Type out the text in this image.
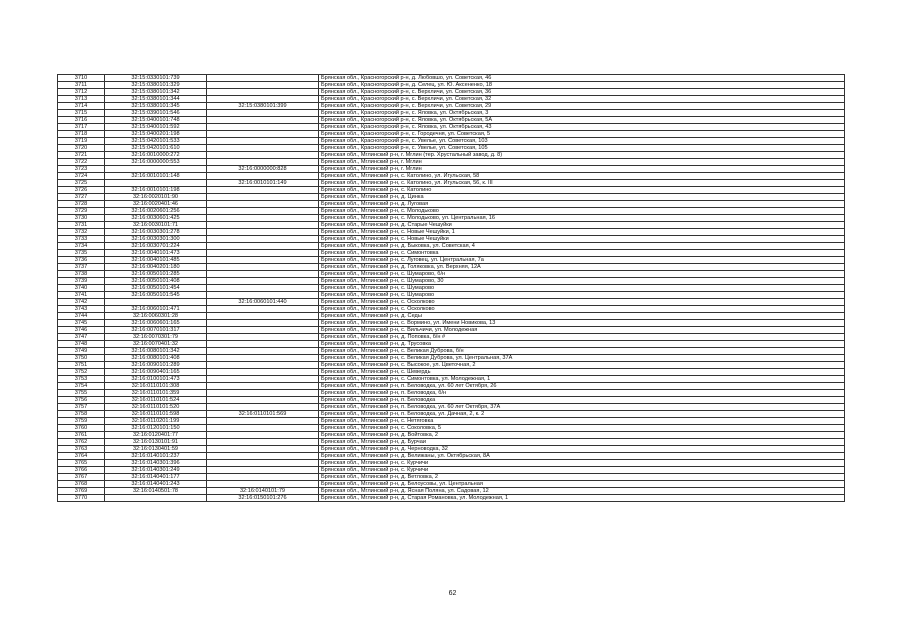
3710	32:15:0330101:739		Брянская обл., Красногорский р-н, д. Любовшо, ул. Советская, 46
3711	32:15:0380101:329		Брянская обл., Красногорский р-н, д. Селец, ул. Ю. Аксененко, 18
3712	32:15:0380101:342		Брянская обл., Красногорский р-н, с. Верхличи, ул. Советская, 36
3713	32:15:0380101:344		Брянская обл., Красногорский р-н, с. Верхличи, ул. Советская, 32
3714	32:15:0380101:345	32:15:0380101:399	Брянская обл., Красногорский р-н, с. Верхличи, ул. Советская, 29
3715	32:15:0390101:546		Брянская обл., Красногорский р-н, с. Яловка, ул. Октябрьская, 3
3716	32:15:0400101:748		Брянская обл., Красногорский р-н, с. Яловка, ул. Октябрьская, 5А
3717	32:15:0400101:592		Брянская обл., Красногорский р-н, с. Яловка, ул. Октябрьская, 43
3718	32:15:0400201:198		Брянская обл., Красногорский р-н, с. Городечня, ул. Советская, 5
3719	32:15:0420101:533		Брянская обл., Красногорский р-н, с. Увелье, ул. Советская, 103
3720	32:15:0420101:610		Брянская обл., Красногорский р-н, с. Увелье, ул. Советская, 105
3721	32:16:0010000:272		Брянская обл., Мглинский р-н, г. Мглин (тер. Хрустальный завод, д. 8)
3722	32:16:0000000:553		Брянская обл., Мглинский р-н, г. Мглин
3723		32:16:0000000:828	Брянская обл., Мглинский р-н, г. Мглин
3724	32:16:0010101:148		Брянская обл., Мглинский р-н, с. Католино, ул. Игульская, 58
3725		32:16:0010101:149	Брянская обл., Мглинский р-н, с. Католино, ул. Игульская, 56, к. III
3726	32:16:0010101:198		Брянская обл., Мглинский р-н, с. Католино
3727	32:16:0020101:90		Брянская обл., Мглинский р-н, д. Цинка
3728	32:16:0020401:46		Брянская обл., Мглинский р-н, д. Луговая
3729	32:16:0020601:256		Брянская обл., Мглинский р-н, с. Молодьково
3730	32:16:0030601:425		Брянская обл., Мглинский р-н, с. Молодьково, ул. Центральная, 16
3731	32:16:0030101:71		Брянская обл., Мглинский р-н, д. Старые Чешуйки
3732	32:16:0030301:278		Брянская обл., Мглинский р-н, с. Новые Чешуйки, 1
3733	32:16:0030301:300		Брянская обл., Мглинский р-н, с. Новые Чешуйки
3734	32:16:0030701:224		Брянская обл., Мглинский р-н, д. Быковка, ул. Советская, 4
3735	32:16:0040101:473		Брянская обл., Мглинский р-н, с. Симонтовка
3736	32:16:0040101:485		Брянская обл., Мглинский р-н, с. Луговец, ул. Центральная, 7а
3737	32:16:0040201:180		Брянская обл., Мглинский р-н, д. Голяковка, ул. Верхняя, 12А
3738	32:16:0050101:285		Брянская обл., Мглинский р-н, с. Шумарово, б/н
3739	32:16:0050101:408		Брянская обл., Мглинский р-н, с. Шумарово, 30
3740	32:16:0050101:454		Брянская обл., Мглинский р-н, с. Шумарово
3741	32:16:0050101:545		Брянская обл., Мглинский р-н, с. Шумарово
3742		32:16:0060101:440	Брянская обл., Мглинский р-н, с. Осколково
3743	32:16:0060101:471		Брянская обл., Мглинский р-н, с. Осколково
3744	32:16:0060301:28		Брянская обл., Мглинский р-н, д. Седы
3745	32:16:0060601:165		Брянская обл., Мглинский р-н, с. Вормино, ул. Имени Новикова, 13
3746	32:16:0070101:317		Брянская обл., Мглинский р-н, с. Вильчичи, ул. Молодежная
3747	32:16:0070301:79		Брянская обл., Мглинский р-н, д. Поповка, б/н #
3748	32:16:0070401:32		Брянская обл., Мглинский р-н, д. Трусовка
3749	32:16:0080101:342		Брянская обл., Мглинский р-н, с. Великая Дуброва, б/н
3750	32:16:0080101:408		Брянская обл., Мглинский р-н, с. Великая Дуброва, ул. Центральная, 37А
3751	32:16:0090101:289		Брянская обл., Мглинский р-н, с. Высокое, ул. Цветочная, 2
3752	32:16:0090401:165		Брянская обл., Мглинский р-н, с. Шевердь
3753	32:16:0100101:473		Брянская обл., Мглинский р-н, с. Симонтовка, ул. Молодежная, 1
3754	32:16:0110101:308		Брянская обл., Мглинский р-н, п. Беловодка, ул. 60 лет Октября, 26
3755	32:16:0110101:359		Брянская обл., Мглинский р-н, п. Беловодка, б/н
3756	32:16:0110101:524		Брянская обл., Мглинский р-н, п. Беловодка
3757	32:16:0110101:520		Брянская обл., Мглинский р-н, п. Беловодка, ул. 60 лет Октября, 37А
3758	32:16:0110101:598	32:16:0110101:569	Брянская обл., Мглинский р-н, п. Беловодка, ул. Дачная, 2, к. 2
3759	32:16:0110201:199		Брянская обл., Мглинский р-н, с. Нетяговка
3760	32:16:0120101:150		Брянская обл., Мглинский р-н, с. Соколовка, 5
3761	32:16:0120401:77		Брянская обл., Мглинский р-н, д. Войтовка, 2
3762	32:16:0130101:91		Брянская обл., Мглинский р-н, д. Бурчаи
3763	32:16:0130401:59		Брянская обл., Мглинский р-н, д. Черноводка, 32
3764	32:16:0140101:237		Брянская обл., Мглинский р-н, д. Велижаны, ул. Октябрьская, 8А
3765	32:16:0140301:396		Брянская обл., Мглинский р-н, с. Курчичи
3766	32:16:0140301:249		Брянская обл., Мглинский р-н, с. Курчичи
3767	32:16:0140401:177		Брянская обл., Мглинский р-н, д. Ветловка, 2
3768	32:16:0140401:243		Брянская обл., Мглинский р-н, д. Белоусовы, ул. Центральная
3769	32:16:0140501:78	32:16:0140101:79	Брянская обл., Мглинский р-н, д. Ясная Поляна, ул. Садовая, 12
3770		32:16:0150101:276	Брянская обл., Мглинский р-н, д. Старая Романовка, ул. Молодежная, 1
62
